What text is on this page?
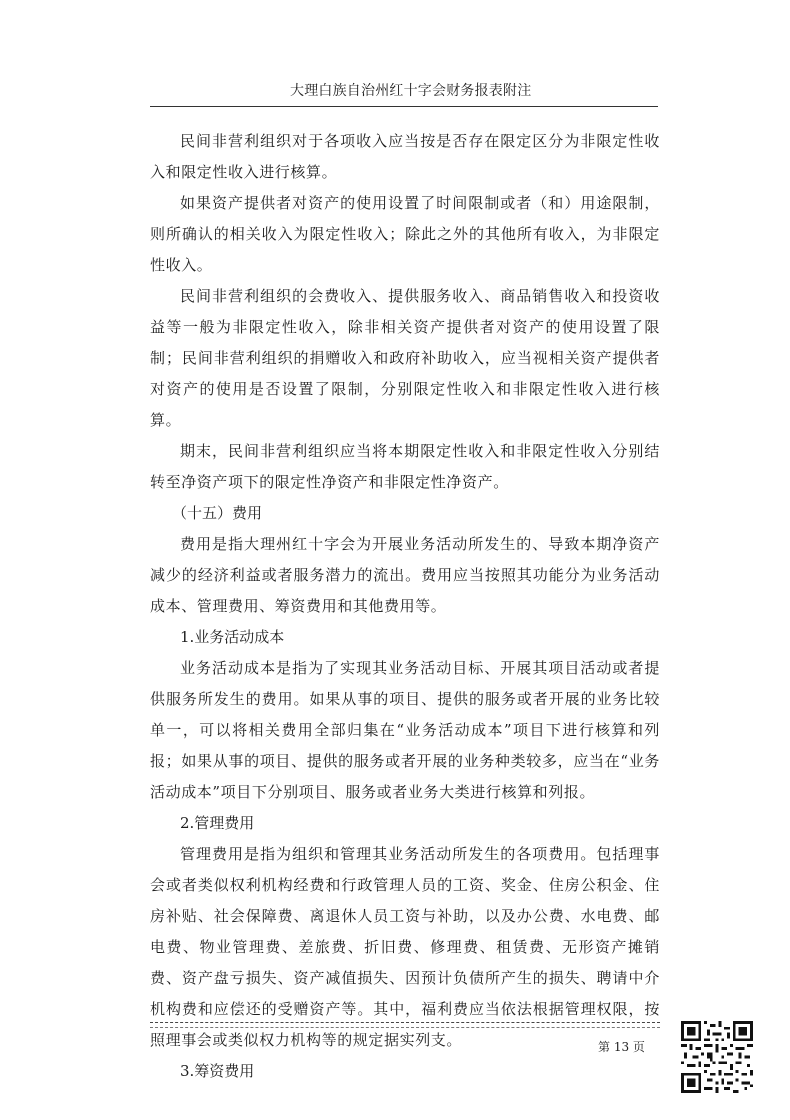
大理白族自治州红十字会财务报表附注

民间非营利组织对于各项收入应当按是否存在限定区分为非限定性收入和限定性收入进行核算。

如果资产提供者对资产的使用设置了时间限制或者（和）用途限制，则所确认的相关收入为限定性收入；除此之外的其他所有收入，为非限定性收入。

民间非营利组织的会费收入、提供服务收入、商品销售收入和投资收益等一般为非限定性收入，除非相关资产提供者对资产的使用设置了限制；民间非营利组织的捐赠收入和政府补助收入，应当视相关资产提供者对资产的使用是否设置了限制，分别限定性收入和非限定性收入进行核算。

期末，民间非营利组织应当将本期限定性收入和非限定性收入分别结转至净资产项下的限定性净资产和非限定性净资产。

（十五）费用

费用是指大理州红十字会为开展业务活动所发生的、导致本期净资产减少的经济利益或者服务潜力的流出。费用应当按照其功能分为业务活动成本、管理费用、筹资费用和其他费用等。

1.业务活动成本

业务活动成本是指为了实现其业务活动目标、开展其项目活动或者提供服务所发生的费用。如果从事的项目、提供的服务或者开展的业务比较单一，可以将相关费用全部归集在“业务活动成本”项目下进行核算和列报；如果从事的项目、提供的服务或者开展的业务种类较多，应当在“业务活动成本”项目下分别项目、服务或者业务大类进行核算和列报。

2.管理费用

管理费用是指为组织和管理其业务活动所发生的各项费用。包括理事会或者类似权利机构经费和行政管理人员的工资、奖金、住房公积金、住房补贴、社会保障费、离退休人员工资与补助，以及办公费、水电费、邮电费、物业管理费、差旅费、折旧费、修理费、租赁费、无形资产摊销费、资产盘亏损失、资产减值损失、因预计负债所产生的损失、聘请中介机构费和应偿还的受赠资产等。其中，福利费应当依法根据管理权限，按照理事会或类似权力机构等的规定据实列支。

3.筹资费用

第 13 页
